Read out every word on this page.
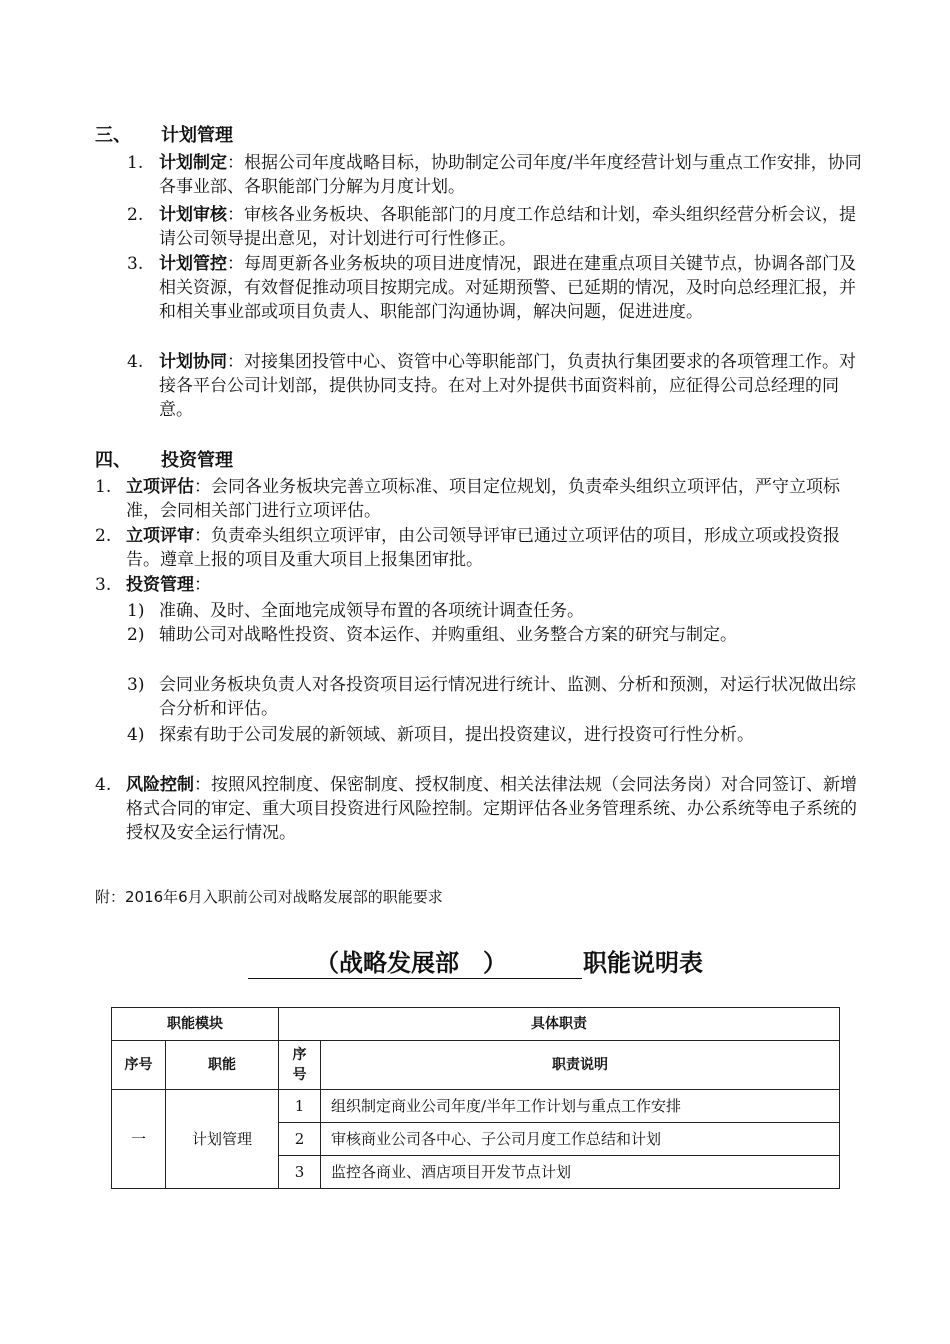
三、 计划管理
1. 计划制定：根据公司年度战略目标，协助制定公司年度/半年度经营计划与重点工作安排，协同各事业部、各职能部门分解为月度计划。
2. 计划审核：审核各业务板块、各职能部门的月度工作总结和计划，牵头组织经营分析会议，提请公司领导提出意见，对计划进行可行性修正。
3. 计划管控：每周更新各业务板块的项目进度情况，跟进在建重点项目关键节点，协调各部门及相关资源，有效督促推动项目按期完成。对延期预警、已延期的情况，及时向总经理汇报，并和相关事业部或项目负责人、职能部门沟通协调，解决问题，促进进度。
4. 计划协同：对接集团投管中心、资管中心等职能部门，负责执行集团要求的各项管理工作。对接各平台公司计划部，提供协同支持。在对上对外提供书面资料前，应征得公司总经理的同意。
四、 投资管理
1. 立项评估：会同各业务板块完善立项标准、项目定位规划，负责牵头组织立项评估，严守立项标准，会同相关部门进行立项评估。
2. 立项评审：负责牵头组织立项评审，由公司领导评审已通过立项评估的项目，形成立项或投资报告。遵章上报的项目及重大项目上报集团审批。
3. 投资管理：
1) 准确、及时、全面地完成领导布置的各项统计调查任务。
2) 辅助公司对战略性投资、资本运作、并购重组、业务整合方案的研究与制定。
3) 会同业务板块负责人对各投资项目运行情况进行统计、监测、分析和预测，对运行状况做出综合分析和评估。
4) 探索有助于公司发展的新领域、新项目，提出投资建议，进行投资可行性分析。
4. 风险控制：按照风控制度、保密制度、授权制度、相关法律法规（会同法务岗）对合同签订、新增格式合同的审定、重大项目投资进行风险控制。定期评估各业务管理系统、办公系统等电子系统的授权及安全运行情况。
附：2016年6月入职前公司对战略发展部的职能要求
（战略发展部　）	职能说明表
职能模块		具体职责	
序号	职能	序号	职责说明
一	计划管理	1	组织制定商业公司年度/半年工作计划与重点工作安排
		2	审核商业公司各中心、子公司月度工作总结和计划
		3	监控各商业、酒店项目开发节点计划
